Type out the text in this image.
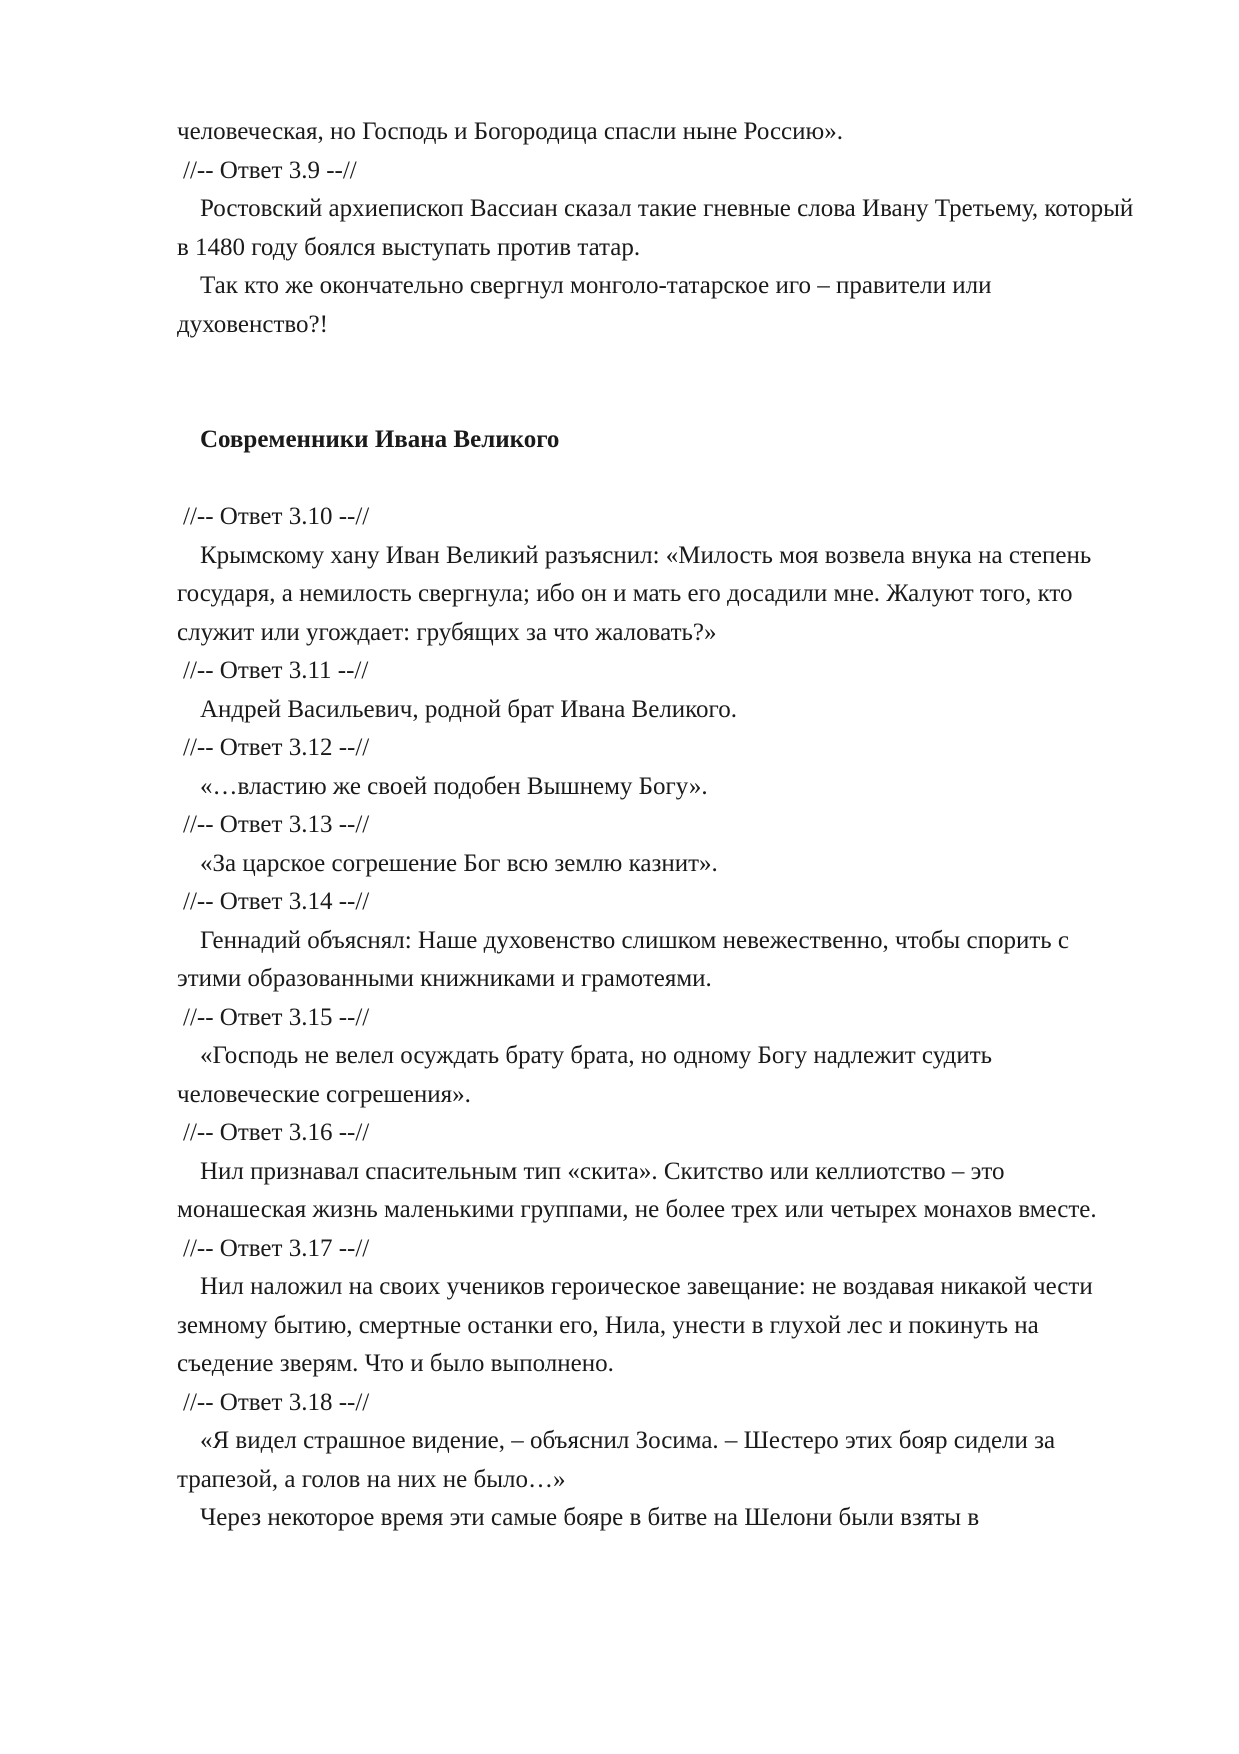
человеческая, но Господь и Богородица спасли ныне Россию».

//-- Ответ 3.9 --//

Ростовский архиепископ Вассиан сказал такие гневные слова Ивану Третьему, который в 1480 году боялся выступать против татар.

Так кто же окончательно свергнул монголо-татарское иго – правители или духовенство?!

Современники Ивана Великого

//-- Ответ 3.10 --//

Крымскому хану Иван Великий разъяснил: «Милость моя возвела внука на степень государя, а немилость свергнула; ибо он и мать его досадили мне. Жалуют того, кто служит или угождает: грубящих за что жаловать?»

//-- Ответ 3.11 --//

Андрей Васильевич, родной брат Ивана Великого.

//-- Ответ 3.12 --//

«…властию же своей подобен Вышнему Богу».

//-- Ответ 3.13 --//

«За царское согрешение Бог всю землю казнит».

//-- Ответ 3.14 --//

Геннадий объяснял: Наше духовенство слишком невежественно, чтобы спорить с этими образованными книжниками и грамотеями.

//-- Ответ 3.15 --//

«Господь не велел осуждать брату брата, но одному Богу надлежит судить человеческие согрешения».

//-- Ответ 3.16 --//

Нил признавал спасительным тип «скита». Скитство или келлиотство – это монашеская жизнь маленькими группами, не более трех или четырех монахов вместе.

//-- Ответ 3.17 --//

Нил наложил на своих учеников героическое завещание: не воздавая никакой чести земному бытию, смертные останки его, Нила, унести в глухой лес и покинуть на съедение зверям. Что и было выполнено.

//-- Ответ 3.18 --//

«Я видел страшное видение, – объяснил Зосима. – Шестеро этих бояр сидели за трапезой, а голов на них не было…»

Через некоторое время эти самые бояре в битве на Шелони были взяты в
